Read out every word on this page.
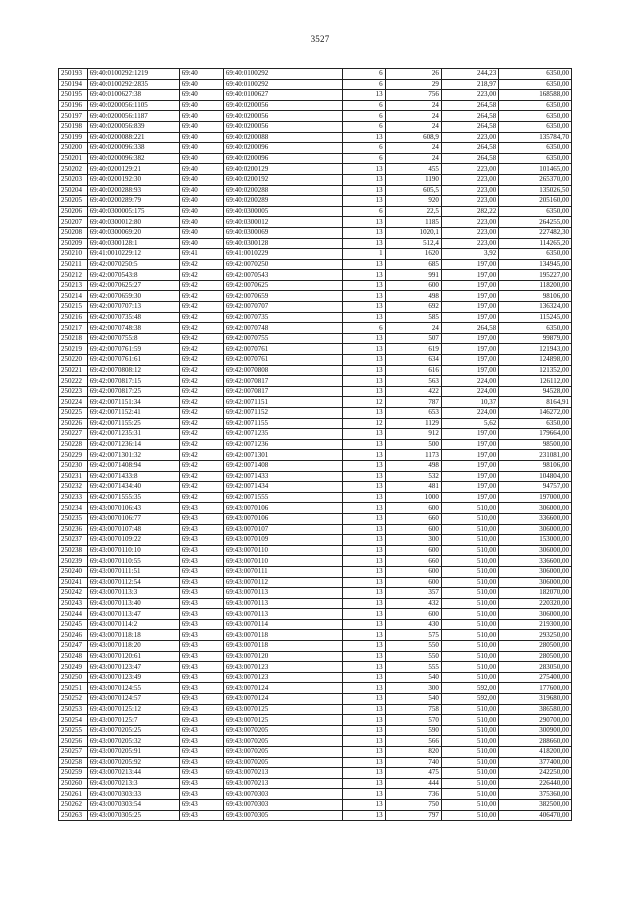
3527
250193	69:40:0100292:1219	69:40	69:40:0100292	6	26	244,23	6350,00
250194	69:40:0100292:2835	69:40	69:40:0100292	6	29	218,97	6350,00
250195	69:40:0100627:38	69:40	69:40:0100627	13	756	223,00	168588,00
250196	69:40:0200056:1105	69:40	69:40:0200056	6	24	264,58	6350,00
250197	69:40:0200056:1187	69:40	69:40:0200056	6	24	264,58	6350,00
250198	69:40:0200056:839	69:40	69:40:0200056	6	24	264,58	6350,00
250199	69:40:0200088:221	69:40	69:40:0200088	13	608,9	223,00	135784,70
250200	69:40:0200096:338	69:40	69:40:0200096	6	24	264,58	6350,00
250201	69:40:0200096:382	69:40	69:40:0200096	6	24	264,58	6350,00
250202	69:40:0200129:21	69:40	69:40:0200129	13	455	223,00	101465,00
250203	69:40:0200192:30	69:40	69:40:0200192	13	1190	223,00	265370,00
250204	69:40:0200288:93	69:40	69:40:0200288	13	605,5	223,00	135026,50
250205	69:40:0200289:79	69:40	69:40:0200289	13	920	223,00	205160,00
250206	69:40:0300005:175	69:40	69:40:0300005	6	22,5	282,22	6350,00
250207	69:40:0300012:80	69:40	69:40:0300012	13	1185	223,00	264255,00
250208	69:40:0300069:20	69:40	69:40:0300069	13	1020,1	223,00	227482,30
250209	69:40:0300128:1	69:40	69:40:0300128	13	512,4	223,00	114265,20
250210	69:41:0010229:12	69:41	69:41:0010229	1	1620	3,92	6350,00
250211	69:42:0070250:5	69:42	69:42:0070250	13	685	197,00	134945,00
250212	69:42:0070543:8	69:42	69:42:0070543	13	991	197,00	195227,00
250213	69:42:0070625:27	69:42	69:42:0070625	13	600	197,00	118200,00
250214	69:42:0070659:30	69:42	69:42:0070659	13	498	197,00	98106,00
250215	69:42:0070707:13	69:42	69:42:0070707	13	692	197,00	136324,00
250216	69:42:0070735:48	69:42	69:42:0070735	13	585	197,00	115245,00
250217	69:42:0070748:38	69:42	69:42:0070748	6	24	264,58	6350,00
250218	69:42:0070755:8	69:42	69:42:0070755	13	507	197,00	99879,00
250219	69:42:0070761:59	69:42	69:42:0070761	13	619	197,00	121943,00
250220	69:42:0070761:61	69:42	69:42:0070761	13	634	197,00	124898,00
250221	69:42:0070808:12	69:42	69:42:0070808	13	616	197,00	121352,00
250222	69:42:0070817:15	69:42	69:42:0070817	13	563	224,00	126112,00
250223	69:42:0070817:25	69:42	69:42:0070817	13	422	224,00	94528,00
250224	69:42:0071151:34	69:42	69:42:0071151	12	787	10,37	8164,91
250225	69:42:0071152:41	69:42	69:42:0071152	13	653	224,00	146272,00
250226	69:42:0071155:25	69:42	69:42:0071155	12	1129	5,62	6350,00
250227	69:42:0071235:31	69:42	69:42:0071235	13	912	197,00	179664,00
250228	69:42:0071236:14	69:42	69:42:0071236	13	500	197,00	98500,00
250229	69:42:0071301:32	69:42	69:42:0071301	13	1173	197,00	231081,00
250230	69:42:0071408:94	69:42	69:42:0071408	13	498	197,00	98106,00
250231	69:42:0071433:8	69:42	69:42:0071433	13	532	197,00	104804,00
250232	69:42:0071434:40	69:42	69:42:0071434	13	481	197,00	94757,00
250233	69:42:0071555:35	69:42	69:42:0071555	13	1000	197,00	197000,00
250234	69:43:0070106:43	69:43	69:43:0070106	13	600	510,00	306000,00
250235	69:43:0070106:77	69:43	69:43:0070106	13	660	510,00	336600,00
250236	69:43:0070107:48	69:43	69:43:0070107	13	600	510,00	306000,00
250237	69:43:0070109:22	69:43	69:43:0070109	13	300	510,00	153000,00
250238	69:43:0070110:10	69:43	69:43:0070110	13	600	510,00	306000,00
250239	69:43:0070110:55	69:43	69:43:0070110	13	660	510,00	336600,00
250240	69:43:0070111:51	69:43	69:43:0070111	13	600	510,00	306000,00
250241	69:43:0070112:54	69:43	69:43:0070112	13	600	510,00	306000,00
250242	69:43:0070113:3	69:43	69:43:0070113	13	357	510,00	182070,00
250243	69:43:0070113:40	69:43	69:43:0070113	13	432	510,00	220320,00
250244	69:43:0070113:47	69:43	69:43:0070113	13	600	510,00	306000,00
250245	69:43:0070114:2	69:43	69:43:0070114	13	430	510,00	219300,00
250246	69:43:0070118:18	69:43	69:43:0070118	13	575	510,00	293250,00
250247	69:43:0070118:20	69:43	69:43:0070118	13	550	510,00	280500,00
250248	69:43:0070120:61	69:43	69:43:0070120	13	550	510,00	280500,00
250249	69:43:0070123:47	69:43	69:43:0070123	13	555	510,00	283050,00
250250	69:43:0070123:49	69:43	69:43:0070123	13	540	510,00	275400,00
250251	69:43:0070124:55	69:43	69:43:0070124	13	300	592,00	177600,00
250252	69:43:0070124:57	69:43	69:43:0070124	13	540	592,00	319680,00
250253	69:43:0070125:12	69:43	69:43:0070125	13	758	510,00	386580,00
250254	69:43:0070125:7	69:43	69:43:0070125	13	570	510,00	290700,00
250255	69:43:0070205:25	69:43	69:43:0070205	13	590	510,00	300900,00
250256	69:43:0070205:32	69:43	69:43:0070205	13	566	510,00	288660,00
250257	69:43:0070205:91	69:43	69:43:0070205	13	820	510,00	418200,00
250258	69:43:0070205:92	69:43	69:43:0070205	13	740	510,00	377400,00
250259	69:43:0070213:44	69:43	69:43:0070213	13	475	510,00	242250,00
250260	69:43:0070213:3	69:43	69:43:0070213	13	444	510,00	226440,00
250261	69:43:0070303:33	69:43	69:43:0070303	13	736	510,00	375360,00
250262	69:43:0070303:54	69:43	69:43:0070303	13	750	510,00	382500,00
250263	69:43:0070305:25	69:43	69:43:0070305	13	797	510,00	406470,00
